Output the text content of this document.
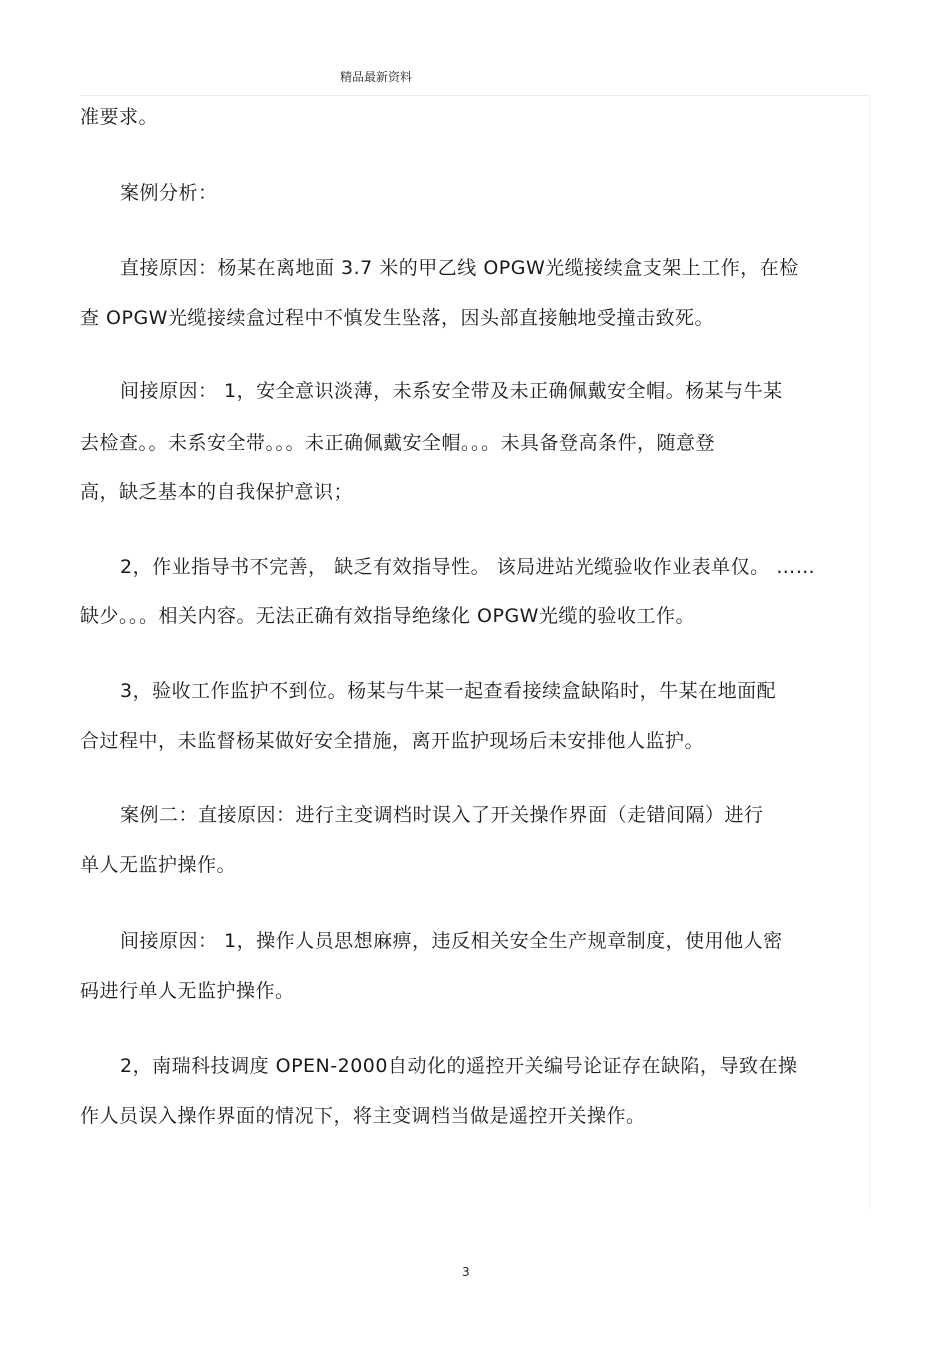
精品最新资料
准要求。
案例分析：
直接原因：杨某在离地面 3.7 米的甲乙线 OPGW光缆接续盒支架上工作，在检
查 OPGW光缆接续盒过程中不慎发生坠落，因头部直接触地受撞击致死。
间接原因： 1，安全意识淡薄，未系安全带及未正确佩戴安全帽。杨某与牛某
去检查。。未系安全带。。。未正确佩戴安全帽。。。未具备登高条件，随意登
高，缺乏基本的自我保护意识；
2，作业指导书不完善， 缺乏有效指导性。 该局进站光缆验收作业表单仅。 ……
缺少。。。相关内容。无法正确有效指导绝缘化 OPGW光缆的验收工作。
3，验收工作监护不到位。杨某与牛某一起查看接续盒缺陷时，牛某在地面配
合过程中，未监督杨某做好安全措施，离开监护现场后未安排他人监护。
案例二：直接原因：进行主变调档时误入了开关操作界面（走错间隔）进行
单人无监护操作。
间接原因： 1，操作人员思想麻痹，违反相关安全生产规章制度，使用他人密
码进行单人无监护操作。
2，南瑞科技调度 OPEN-2000自动化的遥控开关编号论证存在缺陷，导致在操
作人员误入操作界面的情况下，将主变调档当做是遥控开关操作。
3
